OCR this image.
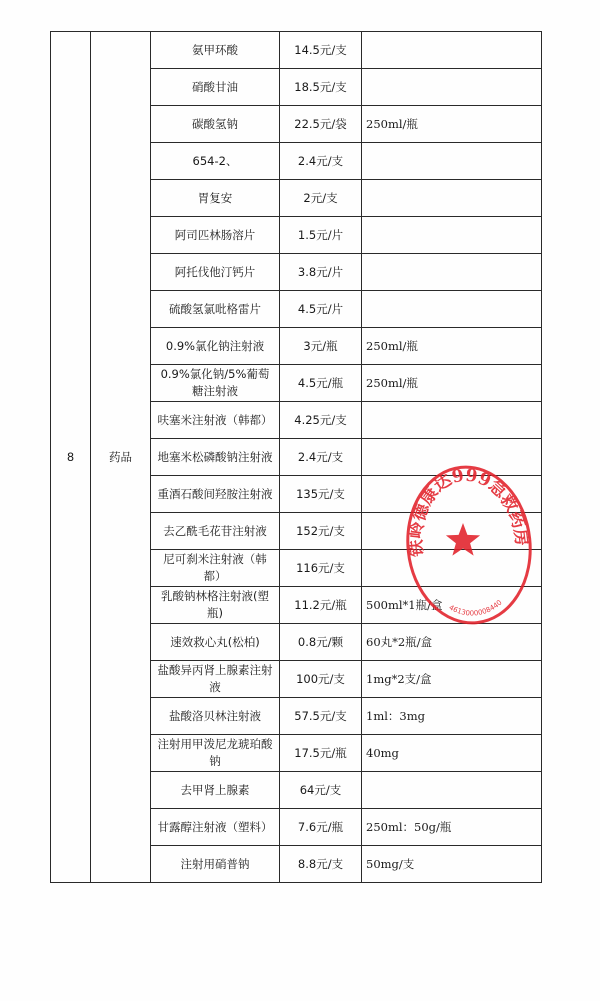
8	药品	氨甲环酸	14.5元/支	
		硝酸甘油	18.5元/支	
		碳酸氢钠	22.5元/袋	250ml/瓶
		654-2、	2.4元/支	
		胃复安	2元/支	
		阿司匹林肠溶片	1.5元/片	
		阿托伐他汀钙片	3.8元/片	
		硫酸氢氯吡格雷片	4.5元/片	
		0.9%氯化钠注射液	3元/瓶	250ml/瓶
		0.9%氯化钠/5%葡萄糖注射液	4.5元/瓶	250ml/瓶
		呋塞米注射液（韩都）	4.25元/支	
		地塞米松磷酸钠注射液	2.4元/支	
		重酒石酸间羟胺注射液	135元/支	
		去乙酰毛花苷注射液	152元/支	
		尼可刹米注射液（韩都）	116元/支	
		乳酸钠林格注射液(塑瓶)	11.2元/瓶	500ml*1瓶/盒
		速效救心丸(松柏)	0.8元/颗	60丸*2瓶/盒
		盐酸异丙肾上腺素注射液	100元/支	1mg*2支/盒
		盐酸洛贝林注射液	57.5元/支	1ml：3mg
		注射用甲泼尼龙琥珀酸钠	17.5元/瓶	40mg
		去甲肾上腺素	64元/支	
		甘露醇注射液（塑料）	7.6元/瓶	250ml：50g/瓶
		注射用硝普钠	8.8元/支	50mg/支
铁岭德康达999急救药房
4613000008440
